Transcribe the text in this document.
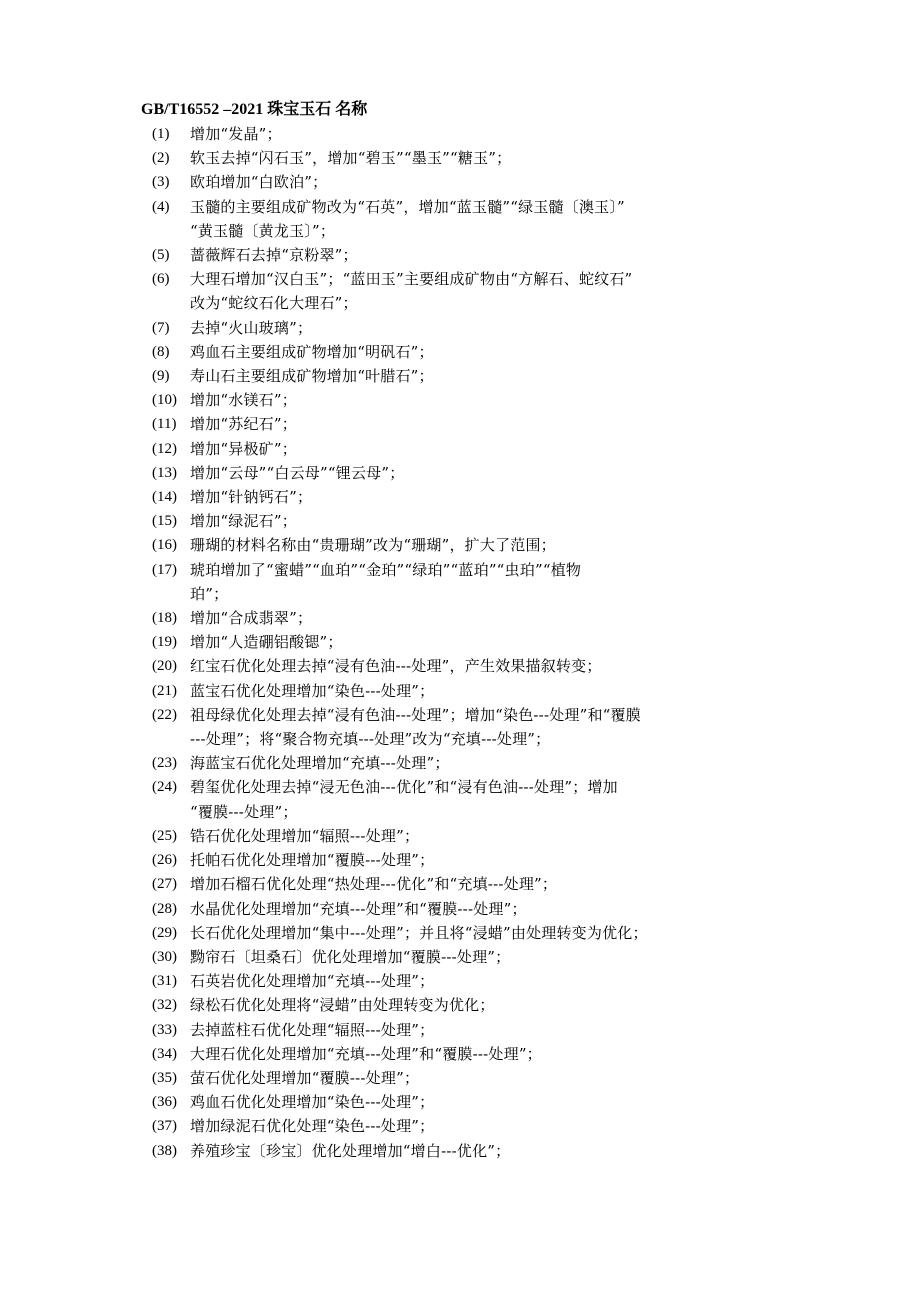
GB/T16552 –2021 珠宝玉石 名称
(1)	增加“发晶”；
(2)	软玉去掉“闪石玉”，增加“碧玉”“墨玉”“糖玉”；
(3)	欧珀增加“白欧泊”；
(4)	玉髓的主要组成矿物改为“石英”，增加“蓝玉髓”“绿玉髓〔澳玉〕”
“黄玉髓〔黄龙玉〕”；
(5)	蔷薇辉石去掉“京粉翠”；
(6)	大理石增加“汉白玉”；“蓝田玉”主要组成矿物由“方解石、蛇纹石”
改为“蛇纹石化大理石”；
(7)	去掉“火山玻璃”；
(8)	鸡血石主要组成矿物增加“明矾石”；
(9)	寿山石主要组成矿物增加“叶腊石”；
(10) 增加“水镁石”；
(11) 增加“苏纪石”；
(12) 增加“异极矿”；
(13) 增加“云母”“白云母”“锂云母”；
(14) 增加“针钠钙石”；
(15) 增加“绿泥石”；
(16) 珊瑚的材料名称由“贵珊瑚”改为“珊瑚”，扩大了范围；
(17) 琥珀增加了“蜜蜡”“血珀”“金珀”“绿珀”“蓝珀”“虫珀”“植物
珀”；
(18) 增加“合成翡翠”；
(19) 增加“人造硼铝酸锶”；
(20) 红宝石优化处理去掉“浸有色油---处理”，产生效果描叙转变；
(21) 蓝宝石优化处理增加“染色---处理”；
(22) 祖母绿优化处理去掉“浸有色油---处理”；增加“染色---处理”和“覆膜
---处理”；将“聚合物充填---处理”改为“充填---处理”；
(23) 海蓝宝石优化处理增加“充填---处理”；
(24) 碧玺优化处理去掉“浸无色油---优化”和“浸有色油---处理”；增加
“覆膜---处理”；
(25) 锆石优化处理增加“辐照---处理”；
(26) 托帕石优化处理增加“覆膜---处理”；
(27) 增加石榴石优化处理“热处理---优化”和“充填---处理”；
(28) 水晶优化处理增加“充填---处理”和“覆膜---处理”；
(29) 长石优化处理增加“集中---处理”；并且将“浸蜡”由处理转变为优化；
(30) 黝帘石〔坦桑石〕优化处理增加“覆膜---处理”；
(31) 石英岩优化处理增加“充填---处理”；
(32) 绿松石优化处理将“浸蜡”由处理转变为优化；
(33) 去掉蓝柱石优化处理“辐照---处理”；
(34) 大理石优化处理增加“充填---处理”和“覆膜---处理”；
(35) 萤石优化处理增加“覆膜---处理”；
(36) 鸡血石优化处理增加“染色---处理”；
(37) 增加绿泥石优化处理“染色---处理”；
(38) 养殖珍宝〔珍宝〕优化处理增加“增白---优化”；
